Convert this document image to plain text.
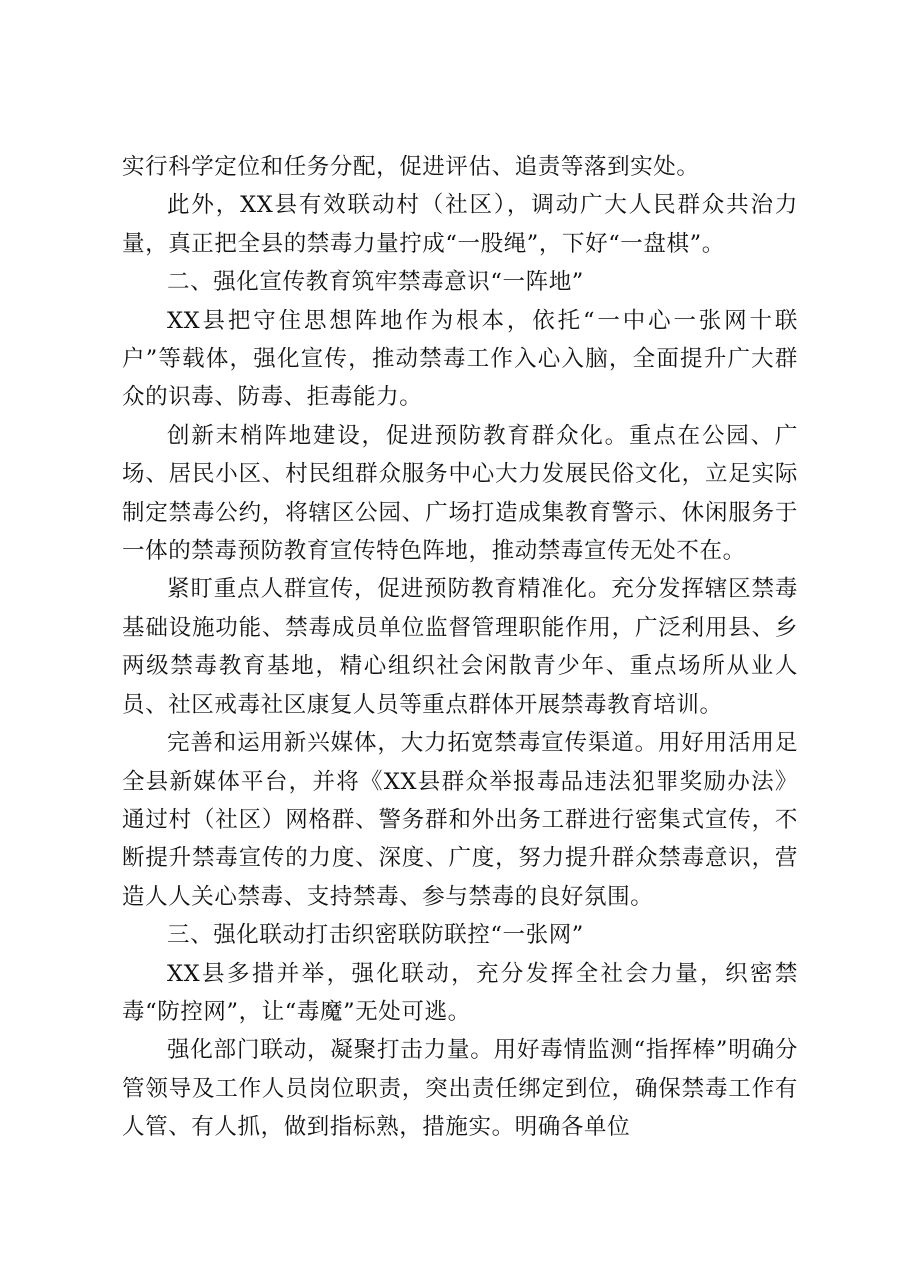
实行科学定位和任务分配，促进评估、追责等落到实处。

此外，XX县有效联动村（社区），调动广大人民群众共治力量，真正把全县的禁毒力量拧成“一股绳”，下好“一盘棋”。

二、强化宣传教育筑牢禁毒意识“一阵地”

XX县把守住思想阵地作为根本，依托“一中心一张网十联户”等载体，强化宣传，推动禁毒工作入心入脑，全面提升广大群众的识毒、防毒、拒毒能力。

创新末梢阵地建设，促进预防教育群众化。重点在公园、广场、居民小区、村民组群众服务中心大力发展民俗文化，立足实际制定禁毒公约，将辖区公园、广场打造成集教育警示、休闲服务于一体的禁毒预防教育宣传特色阵地，推动禁毒宣传无处不在。

紧盯重点人群宣传，促进预防教育精准化。充分发挥辖区禁毒基础设施功能、禁毒成员单位监督管理职能作用，广泛利用县、乡两级禁毒教育基地，精心组织社会闲散青少年、重点场所从业人员、社区戒毒社区康复人员等重点群体开展禁毒教育培训。

完善和运用新兴媒体，大力拓宽禁毒宣传渠道。用好用活用足全县新媒体平台，并将《XX县群众举报毒品违法犯罪奖励办法》通过村（社区）网格群、警务群和外出务工群进行密集式宣传，不断提升禁毒宣传的力度、深度、广度，努力提升群众禁毒意识，营造人人关心禁毒、支持禁毒、参与禁毒的良好氛围。

三、强化联动打击织密联防联控“一张网”

XX县多措并举，强化联动，充分发挥全社会力量，织密禁毒“防控网”，让“毒魔”无处可逃。

强化部门联动，凝聚打击力量。用好毒情监测“指挥棒”明确分管领导及工作人员岗位职责，突出责任绑定到位，确保禁毒工作有人管、有人抓，做到指标熟，措施实。明确各单位
